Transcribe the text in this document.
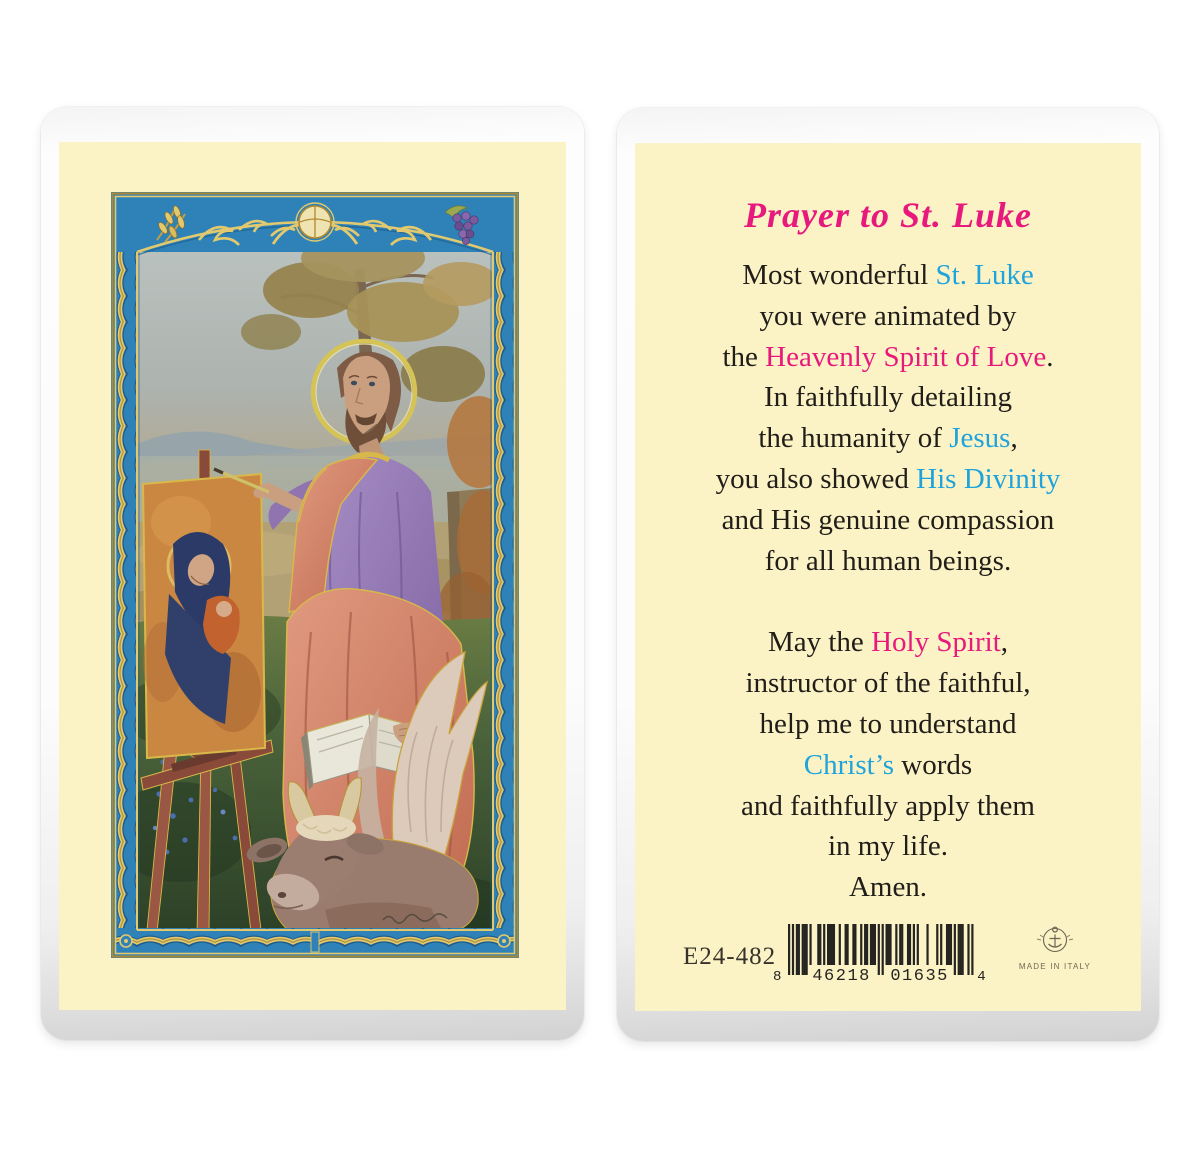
Prayer to St. Luke
Most wonderful St. Luke
you were animated by
the Heavenly Spirit of Love.
In faithfully detailing
the humanity of Jesus,
you also showed His Divinity
and His genuine compassion
for all human beings.
May the Holy Spirit,
instructor of the faithful,
help me to understand
Christ’s words
and faithfully apply them
in my life.
Amen.
E24-482
8 46218 01635 4
MADE IN ITALY
